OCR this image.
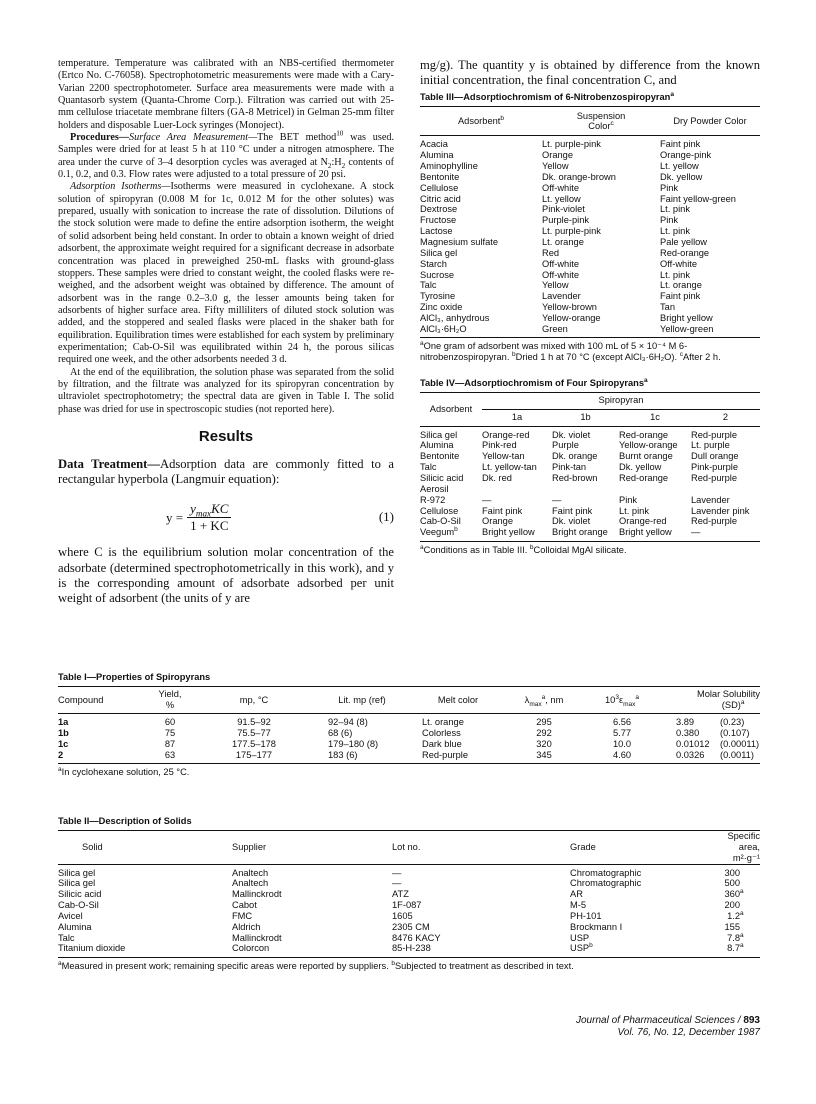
temperature. Temperature was calibrated with an NBS-certified thermometer (Ertco No. C-76058). Spectrophotometric measurements were made with a Cary-Varian 2200 spectrophotometer. Surface area measurements were made with a Quantasorb system (Quanta-Chrome Corp.). Filtration was carried out with 25-mm cellulose triacetate membrane filters (GA-8 Metricel) in Gelman 25-mm filter holders and disposable Luer-Lock syringes (Monoject).

Procedures—Surface Area Measurement—The BET method$^{10}$ was used. Samples were dried for at least 5 h at 110 °C under a nitrogen atmosphere. The area under the curve of 3–4 desorption cycles was averaged at $N_2:H_2$ contents of 0.1, 0.2, and 0.3. Flow rates were adjusted to a total pressure of 20 psi.

Adsorption Isotherms—Isotherms were measured in cyclohexane. A stock solution of spiropyran (0.008 M for 1c, 0.012 M for the other solutes) was prepared, usually with sonication to increase the rate of dissolution. Dilutions of the stock solution were made to define the entire adsorption isotherm, the weight of solid adsorbent being held constant. In order to obtain a known weight of dried adsorbent, the approximate weight required for a significant decrease in adsorbate concentration was placed in preweighed 250-mL flasks with ground-glass stoppers. These samples were dried to constant weight, the cooled flasks were re-weighed, and the adsorbent weight was obtained by difference. The amount of adsorbent was in the range 0.2–3.0 g, the lesser amounts being taken for adsorbents of higher surface area. Fifty milliliters of diluted stock solution was added, and the stoppered and sealed flasks were placed in the shaker bath for equilibration. Equilibration times were established for each system by preliminary experimentation; Cab-O-Sil was equilibrated within 24 h, the porous silicas required one week, and the other adsorbents needed 3 d.

At the end of the equilibration, the solution phase was separated from the solid by filtration, and the filtrate was analyzed for its spiropyran concentration by ultraviolet spectrophotometry; the spectral data are given in Table I. The solid phase was dried for use in spectroscopic studies (not reported here).

Results

Data Treatment—Adsorption data are commonly fitted to a rectangular hyperbola (Langmuir equation):

$y = \frac{y_{max}KC}{1 + KC}$	(1)

where C is the equilibrium solution molar concentration of the adsorbate (determined spectrophotometrically in this work), and y is the corresponding amount of adsorbate adsorbed per unit weight of adsorbent (the units of y are

mg/g). The quantity y is obtained by difference from the known initial concentration, the final concentration C, and

Table III—Adsorptiochromism of 6-Nitrobenzospiropyran$^a$
Adsorbent$^b$	Suspension
Color$^c$	Dry Powder Color
Acacia	Lt. purple-pink	Faint pink
Alumina	Orange	Orange-pink
Aminophylline	Yellow	Lt. yellow
Bentonite	Dk. orange-brown	Dk. yellow
Cellulose	Off-white	Pink
Citric acid	Lt. yellow	Faint yellow-green
Dextrose	Pink-violet	Lt. pink
Fructose	Purple-pink	Pink
Lactose	Lt. purple-pink	Lt. pink
Magnesium sulfate	Lt. orange	Pale yellow
Silica gel	Red	Red-orange
Starch	Off-white	Off-white
Sucrose	Off-white	Lt. pink
Talc	Yellow	Lt. orange
Tyrosine	Lavender	Faint pink
Zinc oxide	Yellow-brown	Tan
AlCl₃, anhydrous	Yellow-orange	Bright yellow
AlCl₃·6H₂O	Green	Yellow-green
$^a$One gram of adsorbent was mixed with 100 mL of 5 × 10⁻⁴ M 6-nitrobenzospiropyran. $^b$Dried 1 h at 70 °C (except AlCl₃·6H₂O). $^c$After 2 h.
Table IV—Adsorptiochromism of Four Spiropyrans$^a$
Adsorbent	Spiropyran			
	1a	1b	1c	2
Silica gel	Orange-red	Dk. violet	Red-orange	Red-purple
Alumina	Pink-red	Purple	Yellow-orange	Lt. purple
Bentonite	Yellow-tan	Dk. orange	Burnt orange	Dull orange
Talc	Lt. yellow-tan	Pink-tan	Dk. yellow	Pink-purple
Silicic acid	Dk. red	Red-brown	Red-orange	Red-purple
Aerosil				
R-972	—	—	Pink	Lavender
Cellulose	Faint pink	Faint pink	Lt. pink	Lavender pink
Cab-O-Sil	Orange	Dk. violet	Orange-red	Red-purple
Veegum$^b$	Bright yellow	Bright orange	Bright yellow	—
$^a$Conditions as in Table III. $^b$Colloidal MgAl silicate.
Table I—Properties of Spiropyrans
Compound	Yield,
%	mp, °C	Lit. mp (ref)	Melt color	$\lambda_{max}^a$, nm	$10^3\varepsilon_{max}^a$	Molar Solubility
(SD)$^a$
1a	60	91.5–92	92–94 (8)	Lt. orange	295	6.56	3.89 (0.23)
1b	75	75.5–77	68 (6)	Colorless	292	5.77	0.380 (0.107)
1c	87	177.5–178	179–180 (8)	Dark blue	320	10.0	0.01012 (0.00011)
2	63	175–177	183 (6)	Red-purple	345	4.60	0.0326 (0.0011)
$^a$In cyclohexane solution, 25 °C.
Table II—Description of Solids
Solid	Supplier	Lot no.	Grade	Specific area,
m²·g⁻¹
Silica gel	Analtech	—	Chromatographic	300
Silica gel	Analtech	—	Chromatographic	500
Silicic acid	Mallinckrodt	ATZ	AR	360$^a$
Cab-O-Sil	Cabot	1F-087	M-5	200
Avicel	FMC	1605	PH-101	1.2$^a$
Alumina	Aldrich	2305 CM	Brockmann I	155
Talc	Mallinckrodt	8476 KACY	USP	7.8$^a$
Titanium dioxide	Colorcon	85-H-238	USP$^b$	8.7$^a$
$^a$Measured in present work; remaining specific areas were reported by suppliers. $^b$Subjected to treatment as described in text.
Journal of Pharmaceutical Sciences / 893
Vol. 76, No. 12, December 1987
